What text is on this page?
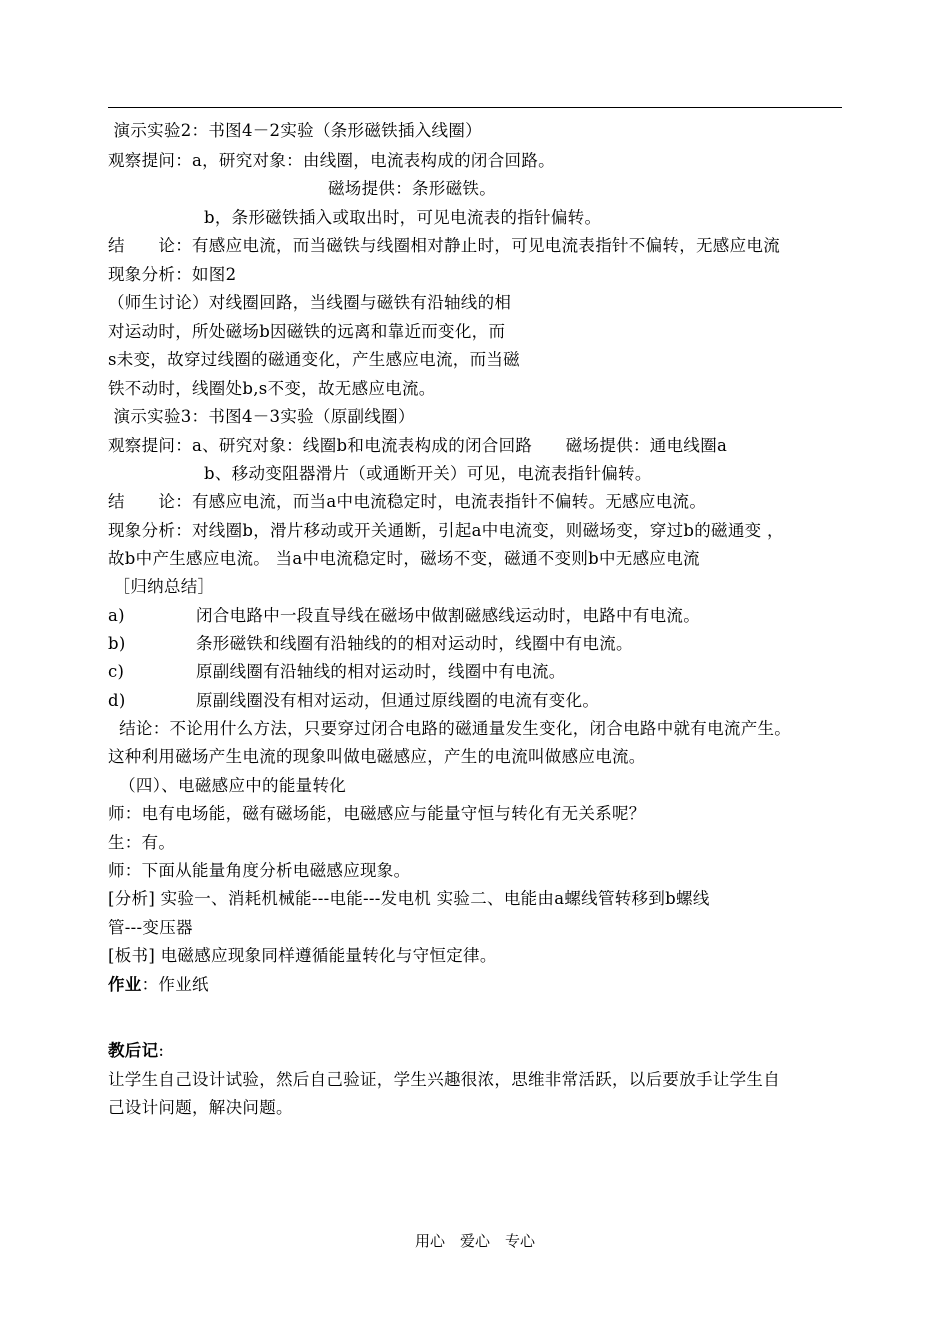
演示实验2：书图4－2实验（条形磁铁插入线圈）
观察提问：a，研究对象：由线圈，电流表构成的闭合回路。
磁场提供：条形磁铁。
b，条形磁铁插入或取出时，可见电流表的指针偏转。
结　　论：有感应电流，而当磁铁与线圈相对静止时，可见电流表指针不偏转，无感应电流
现象分析：如图2
（师生讨论）对线圈回路，当线圈与磁铁有沿轴线的相
对运动时，所处磁场b因磁铁的远离和靠近而变化，而
s未变，故穿过线圈的磁通变化，产生感应电流，而当磁
铁不动时，线圈处b,s不变，故无感应电流。
演示实验3：书图4－3实验（原副线圈）
观察提问：a、研究对象：线圈b和电流表构成的闭合回路　　磁场提供：通电线圈a
b、移动变阻器滑片（或通断开关）可见，电流表指针偏转。
结　　论：有感应电流，而当a中电流稳定时，电流表指针不偏转。无感应电流。
现象分析：对线圈b，滑片移动或开关通断，引起a中电流变，则磁场变，穿过b的磁通变 ，
故b中产生感应电流。 当a中电流稳定时，磁场不变，磁通不变则b中无感应电流
［归纳总结］
a)	闭合电路中一段直导线在磁场中做割磁感线运动时，电路中有电流。
b)	条形磁铁和线圈有沿轴线的的相对运动时，线圈中有电流。
c)	原副线圈有沿轴线的相对运动时，线圈中有电流。
d)	原副线圈没有相对运动，但通过原线圈的电流有变化。
结论：不论用什么方法，只要穿过闭合电路的磁通量发生变化，闭合电路中就有电流产生。
这种利用磁场产生电流的现象叫做电磁感应，产生的电流叫做感应电流。
（四）、电磁感应中的能量转化
师：电有电场能，磁有磁场能，电磁感应与能量守恒与转化有无关系呢？
生：有。
师：下面从能量角度分析电磁感应现象。
[分析] 实验一、消耗机械能---电能---发电机 实验二、电能由a螺线管转移到b螺线
管---变压器
[板书] 电磁感应现象同样遵循能量转化与守恒定律。
作业：作业纸
教后记:
让学生自己设计试验，然后自己验证，学生兴趣很浓，思维非常活跃，以后要放手让学生自
己设计问题，解决问题。
用心　爱心　专心
